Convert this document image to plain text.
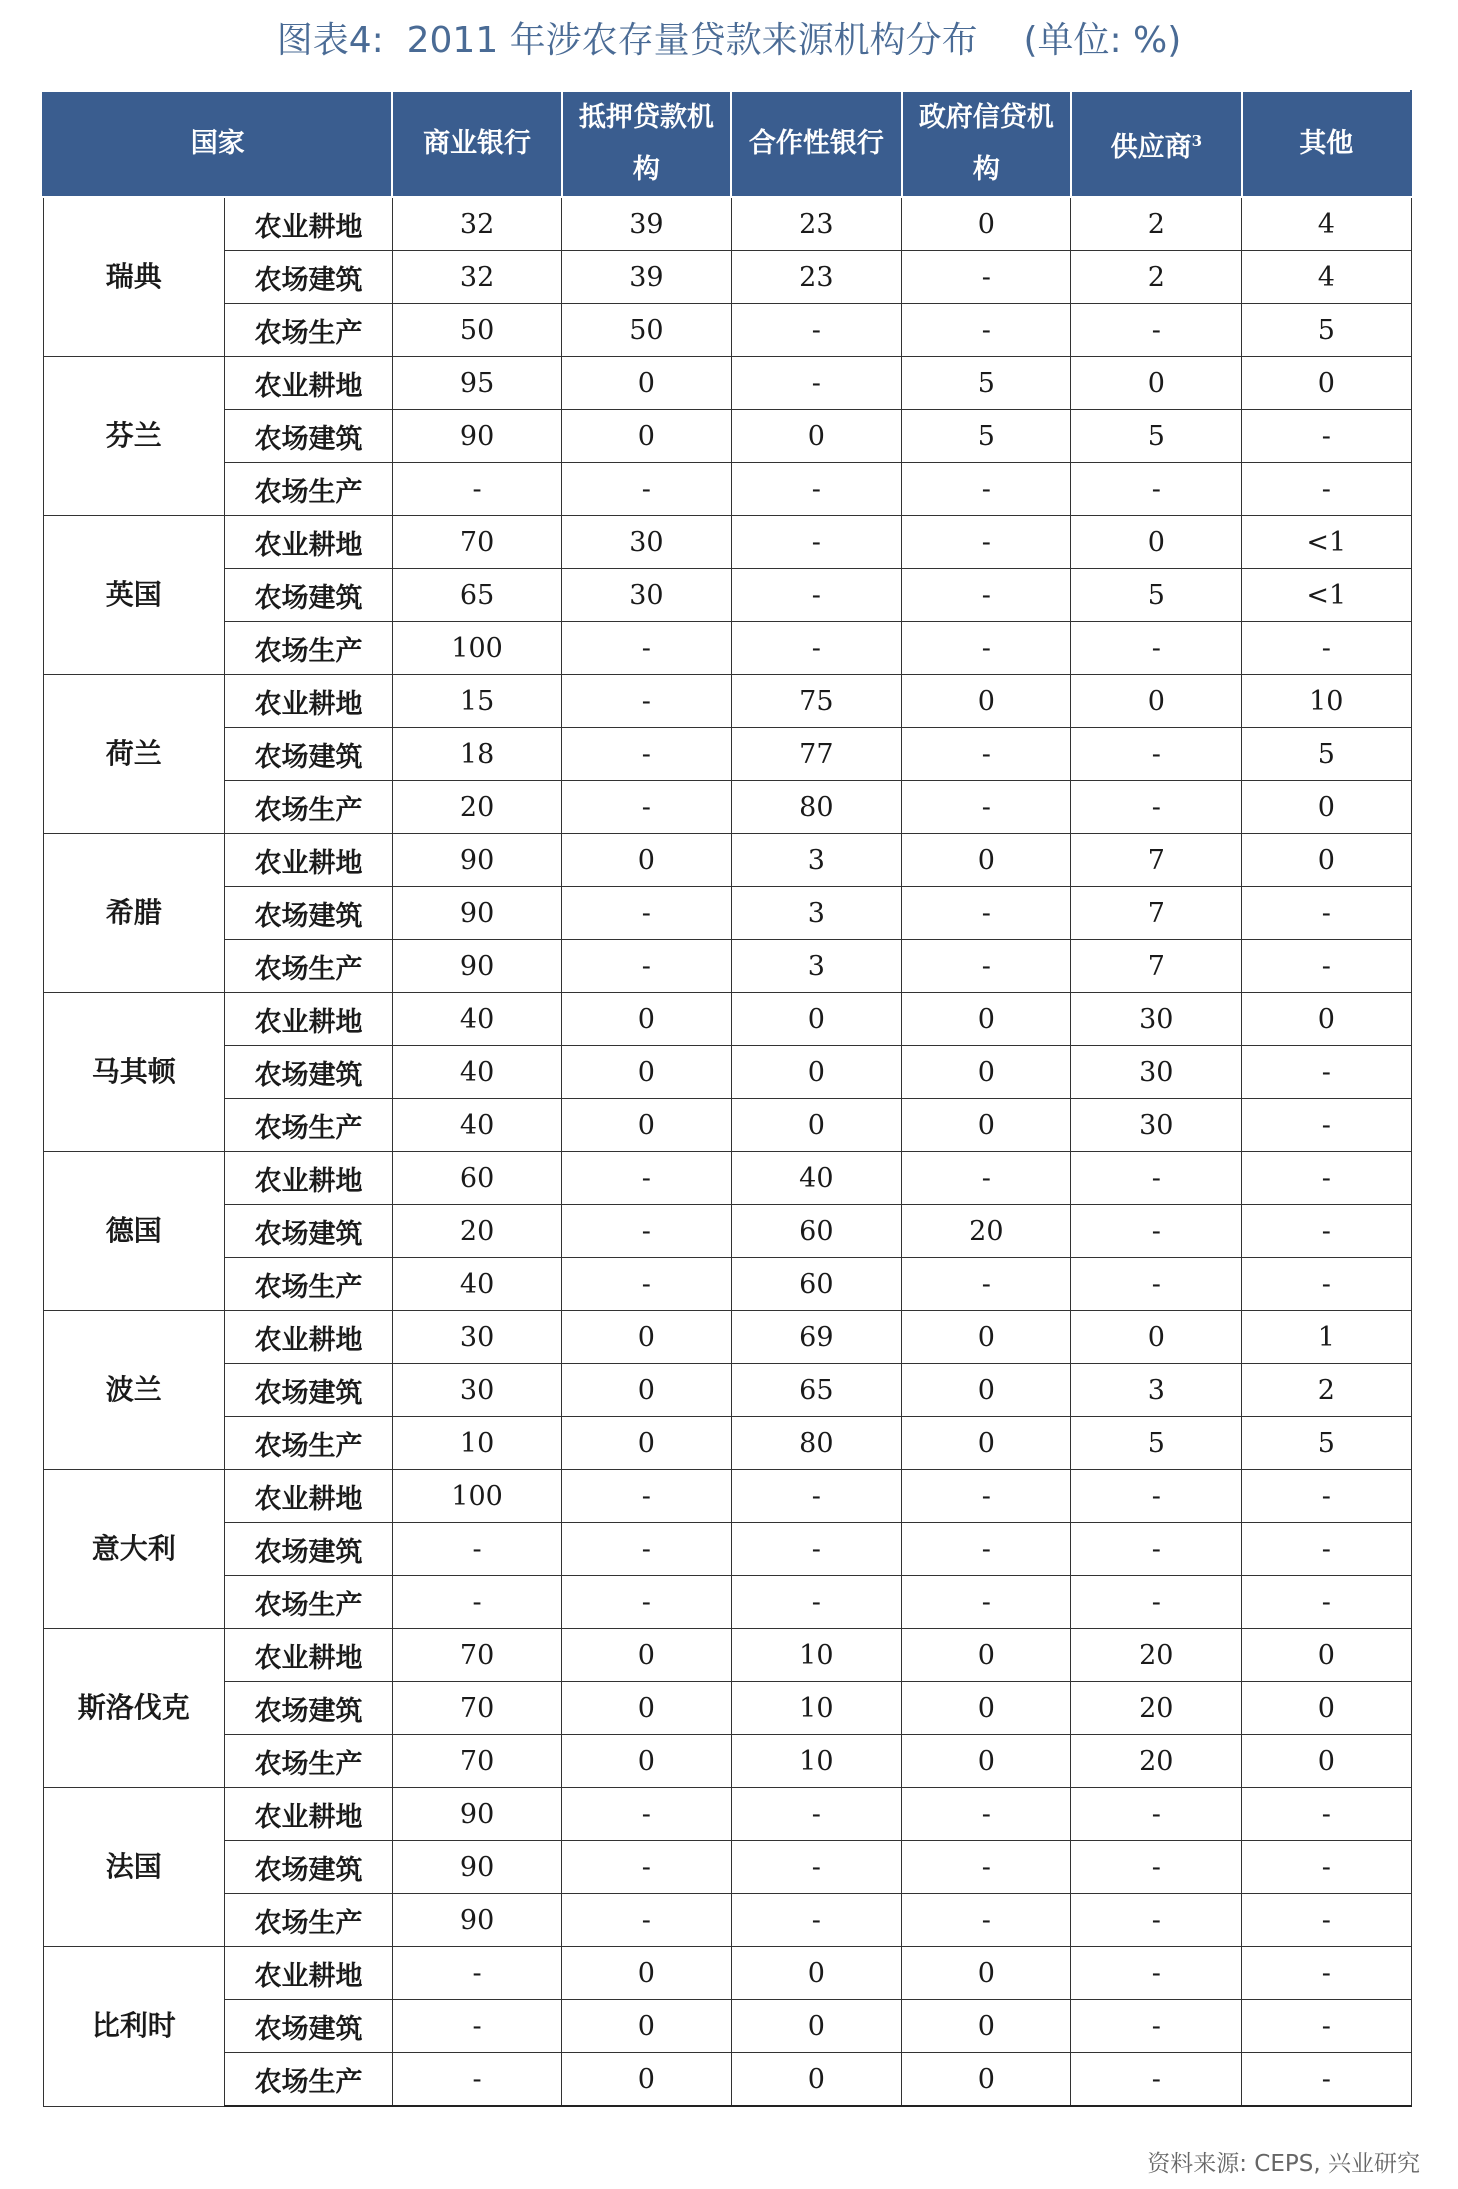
图表4:  2011 年涉农存量贷款来源机构分布    (单位: %)
国家		商业银行	抵押贷款机构	合作性银行	政府信贷机构	供应商$^3$	其他
瑞典	农业耕地	32	39	23	0	2	4
	农场建筑	32	39	23	-	2	4
	农场生产	50	50	-	-	-	5
芬兰	农业耕地	95	0	-	5	0	0
	农场建筑	90	0	0	5	5	-
	农场生产	-	-	-	-	-	-
英国	农业耕地	70	30	-	-	0	<1
	农场建筑	65	30	-	-	5	<1
	农场生产	100	-	-	-	-	-
荷兰	农业耕地	15	-	75	0	0	10
	农场建筑	18	-	77	-	-	5
	农场生产	20	-	80	-	-	0
希腊	农业耕地	90	0	3	0	7	0
	农场建筑	90	-	3	-	7	-
	农场生产	90	-	3	-	7	-
马其顿	农业耕地	40	0	0	0	30	0
	农场建筑	40	0	0	0	30	-
	农场生产	40	0	0	0	30	-
德国	农业耕地	60	-	40	-	-	-
	农场建筑	20	-	60	20	-	-
	农场生产	40	-	60	-	-	-
波兰	农业耕地	30	0	69	0	0	1
	农场建筑	30	0	65	0	3	2
	农场生产	10	0	80	0	5	5
意大利	农业耕地	100	-	-	-	-	-
	农场建筑	-	-	-	-	-	-
	农场生产	-	-	-	-	-	-
斯洛伐克	农业耕地	70	0	10	0	20	0
	农场建筑	70	0	10	0	20	0
	农场生产	70	0	10	0	20	0
法国	农业耕地	90	-	-	-	-	-
	农场建筑	90	-	-	-	-	-
	农场生产	90	-	-	-	-	-
比利时	农业耕地	-	0	0	0	-	-
	农场建筑	-	0	0	0	-	-
	农场生产	-	0	0	0	-	-
资料来源: CEPS, 兴业研究
